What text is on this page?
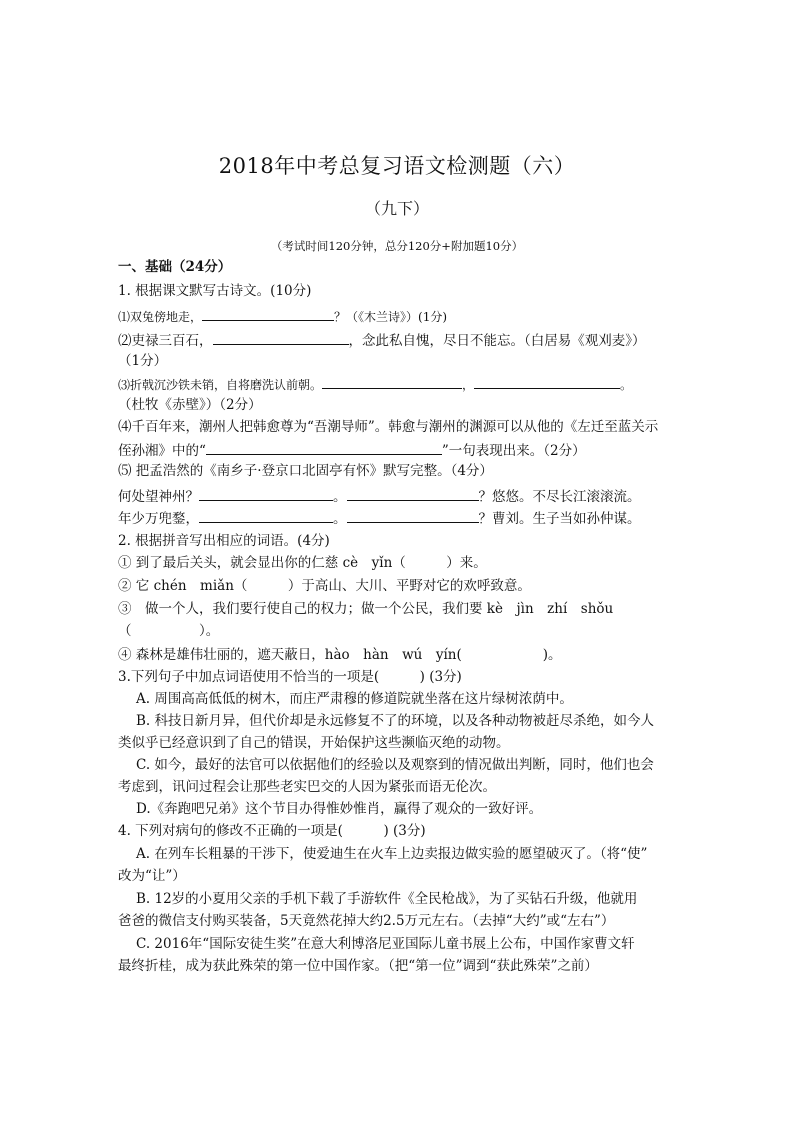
2018年中考总复习语文检测题（六）
（九下）
（考试时间120分钟，总分120分+附加题10分）
一、基础（24分）
1. 根据课文默写古诗文。(10分)
⑴双兔傍地走，	？（《木兰诗》）(1分)
⑵吏禄三百石，	，念此私自愧，尽日不能忘。（白居易《观刈麦》）
（1分）
⑶折戟沉沙铁未销，自将磨洗认前朝。	，	。
（杜牧《赤壁》）（2分）
⑷千百年来，潮州人把韩愈尊为“吾潮导师”。韩愈与潮州的渊源可以从他的《左迁至蓝关示
侄孙湘》中的“	”一句表现出来。（2分）
⑸ 把孟浩然的《南乡子·登京口北固亭有怀》默写完整。（4分）
何处望神州？	。	？悠悠。不尽长江滚滚流。
年少万兜鍪，	。	？曹刘。生子当如孙仲谋。
2. 根据拼音写出相应的词语。(4分)
① 到了最后关头，就会显出你的仁慈 cè　yǐn（　　　）来。
② 它 chén　miǎn（　　　）于高山、大川、平野对它的欢呼致意。
③　做一个人，我们要行使自己的权力；做一个公民，我们要 kè　jìn　zhí　shǒu
（　　　　　）。
④ 森林是雄伟壮丽的，遮天蔽日，hào　hàn　wú　yín(　　　　　　)。
3.下列句子中加点词语使用不恰当的一项是(　　　) (3分)
A. 周围高高低低的树木，而庄严肃穆的修道院就坐落在这片绿树浓荫中。
B. 科技日新月异，但代价却是永远修复不了的环境，以及各种动物被赶尽杀绝，如今人
类似乎已经意识到了自己的错误，开始保护这些濒临灭绝的动物。
C. 如今，最好的法官可以依据他们的经验以及观察到的情况做出判断，同时，他们也会
考虑到，讯问过程会让那些老实巴交的人因为紧张而语无伦次。
D.《奔跑吧兄弟》这个节目办得惟妙惟肖，赢得了观众的一致好评。
4. 下列对病句的修改不正确的一项是(　　　) (3分)
A. 在列车长粗暴的干涉下，使爱迪生在火车上边卖报边做实验的愿望破灭了。（将“使”
改为“让”）
B. 12岁的小夏用父亲的手机下载了手游软件《全民枪战》，为了买钻石升级，他就用
爸爸的微信支付购买装备，5天竟然花掉大约2.5万元左右。（去掉“大约”或“左右”）
C. 2016年“国际安徒生奖”在意大利博洛尼亚国际儿童书展上公布，中国作家曹文轩
最终折桂，成为获此殊荣的第一位中国作家。（把“第一位”调到“获此殊荣”之前）
